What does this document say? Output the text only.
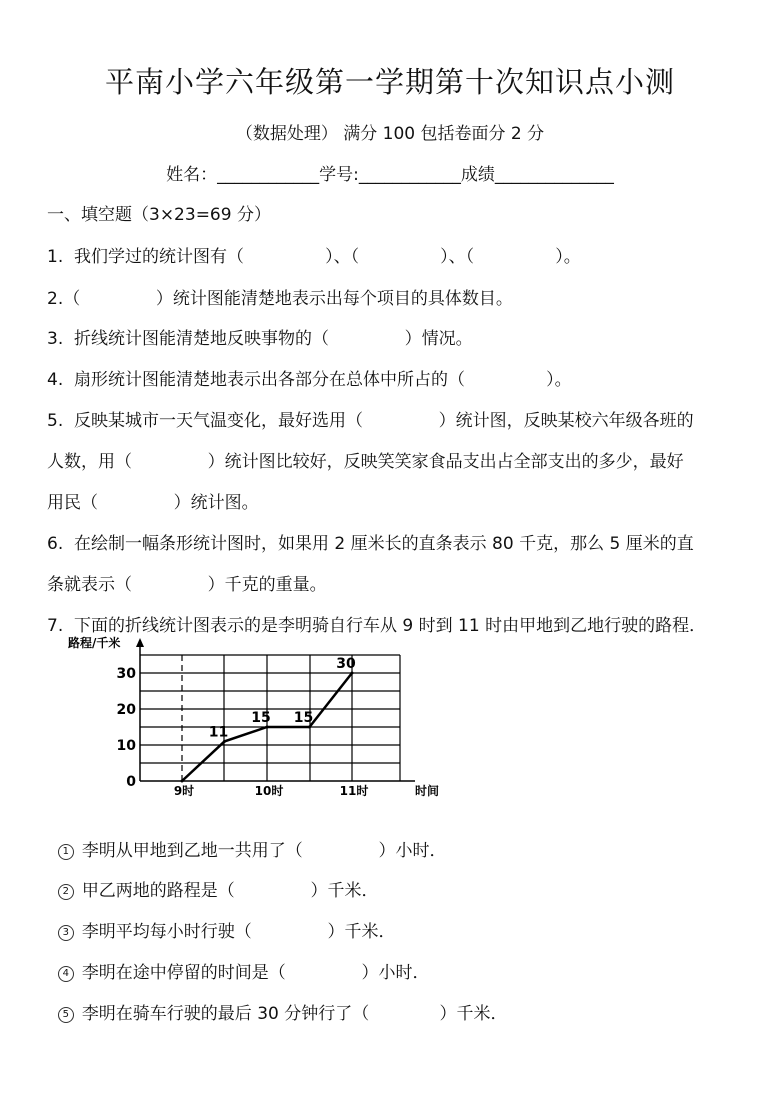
平南小学六年级第一学期第十次知识点小测
（数据处理） 满分 100 包括卷面分 2 分
姓名：____________学号:____________成绩______________
一、填空题（3×23=69 分）
1.  我们学过的统计图有（               ）、（               ）、（               ）。
2.（              ）统计图能清楚地表示出每个项目的具体数目。
3.  折线统计图能清楚地反映事物的（              ）情况。
4.  扇形统计图能清楚地表示出各部分在总体中所占的（               ）。
5.  反映某城市一天气温变化，最好选用（              ）统计图，反映某校六年级各班的
人数，用（              ）统计图比较好，反映笑笑家食品支出占全部支出的多少，最好
用民（              ）统计图。
6.  在绘制一幅条形统计图时，如果用 2 厘米长的直条表示 80 千克，那么 5 厘米的直
条就表示（              ）千克的重量。
7.  下面的折线统计图表示的是李明骑自行车从 9 时到 11 时由甲地到乙地行驶的路程．
路程/千米
时间
0
10
20
30
9时	10时	11时
11
15 15
30

1 李明从甲地到乙地一共用了（              ）小时．

2 甲乙两地的路程是（              ）千米．

3 李明平均每小时行驶（              ）千米．

4 李明在途中停留的时间是（              ）小时．

5 李明在骑车行驶的最后 30 分钟行了（             ）千米．
